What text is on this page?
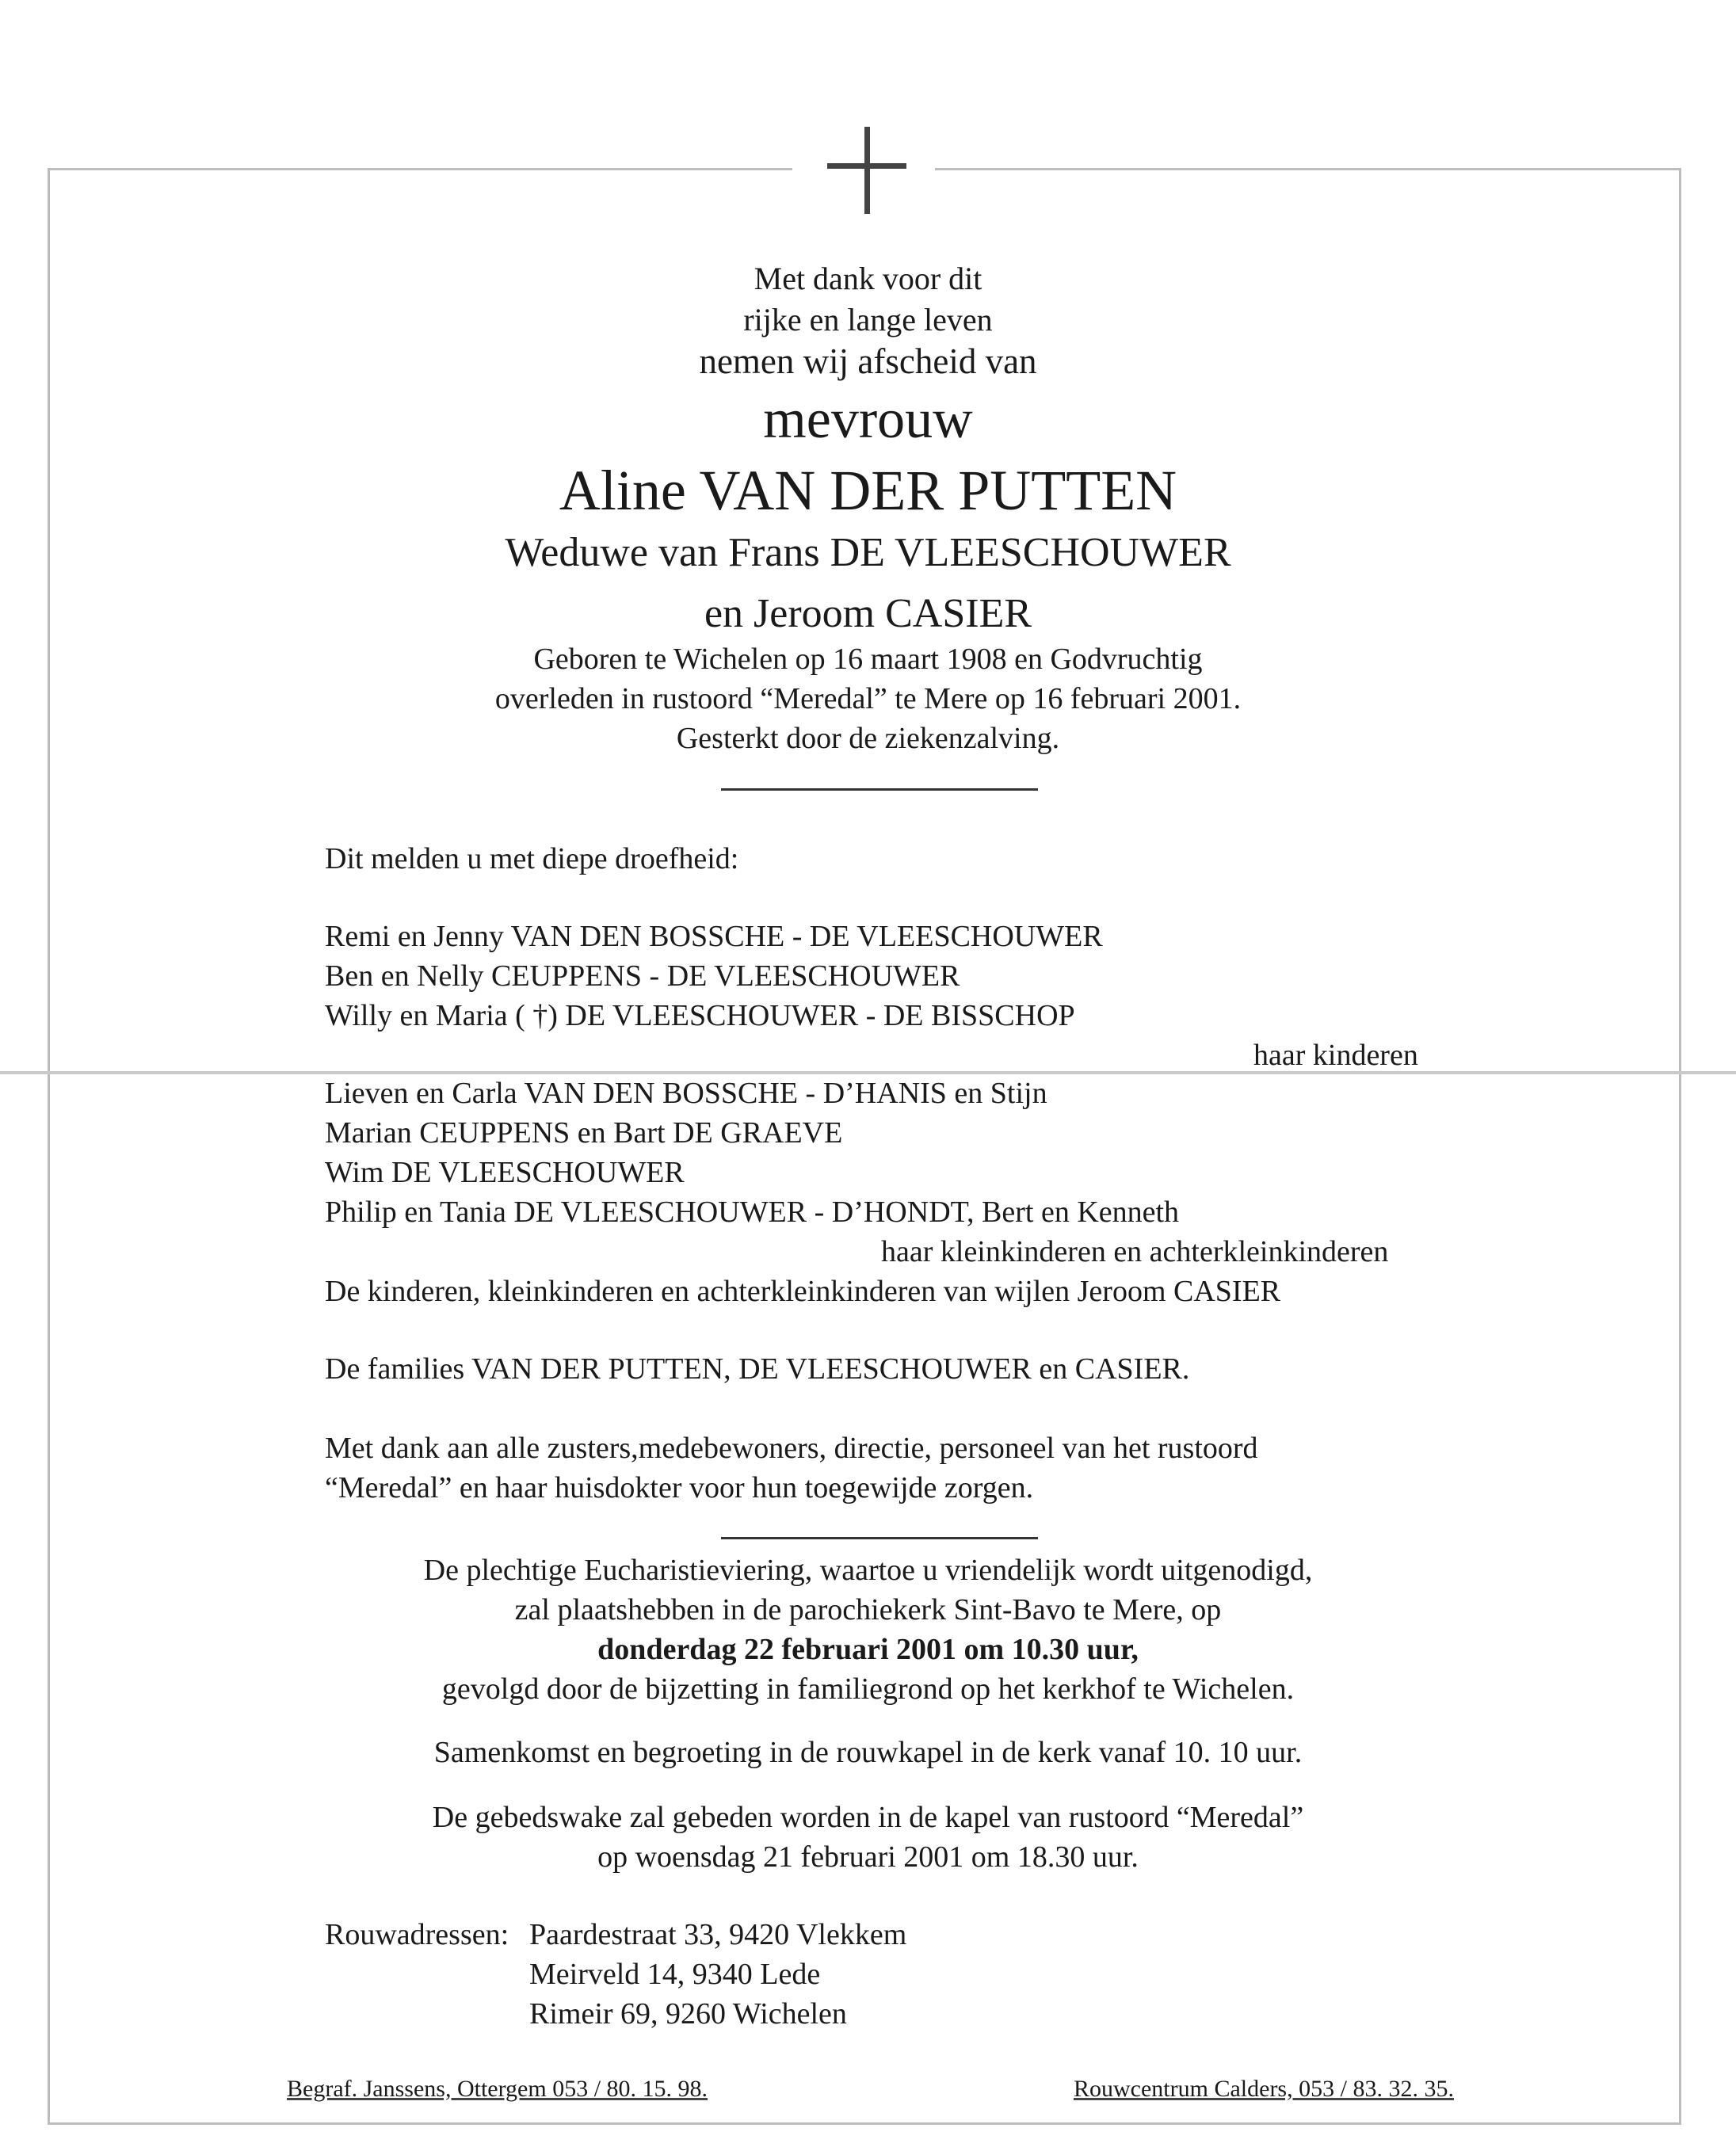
Met dank voor dit
rijke en lange leven
nemen wij afscheid van
mevrouw
Aline VAN DER PUTTEN
Weduwe van Frans DE VLEESCHOUWER
en Jeroom CASIER
Geboren te Wichelen op 16 maart 1908 en Godvruchtig
overleden in rustoord “Meredal” te Mere op 16 februari 2001.
Gesterkt door de ziekenzalving.
Dit melden u met diepe droefheid:
Remi en Jenny VAN DEN BOSSCHE - DE VLEESCHOUWER
Ben en Nelly CEUPPENS - DE VLEESCHOUWER
Willy en Maria ( †) DE VLEESCHOUWER - DE BISSCHOP
haar kinderen
Lieven en Carla VAN DEN BOSSCHE - D’HANIS en Stijn
Marian CEUPPENS en Bart DE GRAEVE
Wim DE VLEESCHOUWER
Philip en Tania DE VLEESCHOUWER - D’HONDT, Bert en Kenneth
haar kleinkinderen en achterkleinkinderen
De kinderen, kleinkinderen en achterkleinkinderen van wijlen Jeroom CASIER
De families VAN DER PUTTEN, DE VLEESCHOUWER en CASIER.
Met dank aan alle zusters,medebewoners, directie, personeel van het rustoord
“Meredal” en haar huisdokter voor hun toegewijde zorgen.
De plechtige Eucharistieviering, waartoe u vriendelijk wordt uitgenodigd,
zal plaatshebben in de parochiekerk Sint-Bavo te Mere, op
donderdag 22 februari 2001 om 10.30 uur,
gevolgd door de bijzetting in familiegrond op het kerkhof te Wichelen.
Samenkomst en begroeting in de rouwkapel in de kerk vanaf 10. 10 uur.
De gebedswake zal gebeden worden in de kapel van rustoord “Meredal”
op woensdag 21 februari 2001 om 18.30 uur.
Rouwadressen: Paardestraat 33, 9420 Vlekkem
Meirveld 14, 9340 Lede
Rimeir 69, 9260 Wichelen
Begraf. Janssens, Ottergem 053 / 80. 15. 98.	Rouwcentrum Calders, 053 / 83. 32. 35.
